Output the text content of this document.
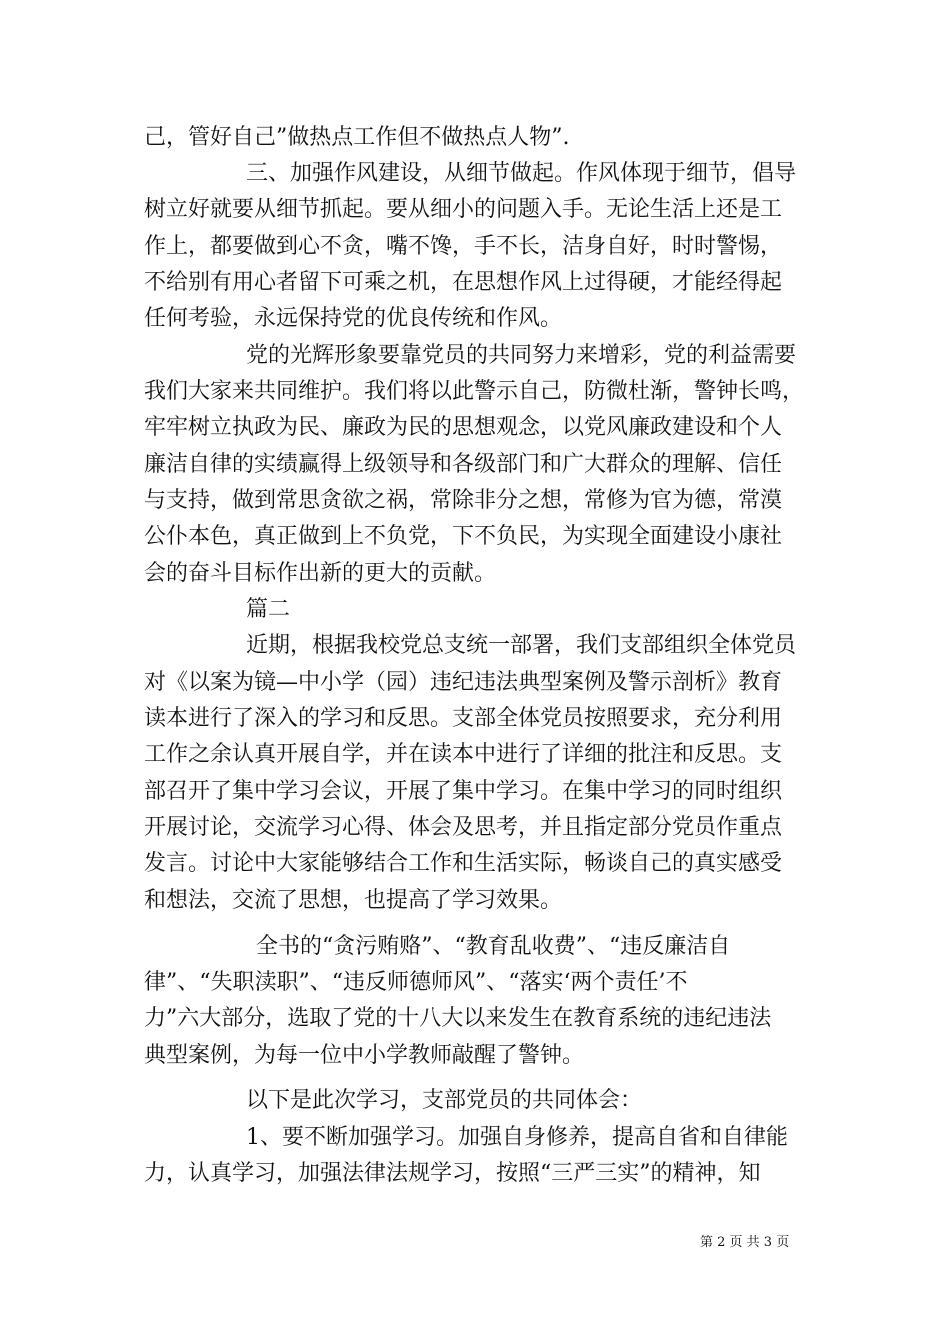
己，管好自己”做热点工作但不做热点人物”.
三、加强作风建设，从细节做起。作风体现于细节，倡导
树立好就要从细节抓起。要从细小的问题入手。无论生活上还是工
作上，都要做到心不贪，嘴不馋，手不长，洁身自好，时时警惕，
不给别有用心者留下可乘之机，在思想作风上过得硬，才能经得起
任何考验，永远保持党的优良传统和作风。
党的光辉形象要靠党员的共同努力来增彩，党的利益需要
我们大家来共同维护。我们将以此警示自己，防微杜渐，警钟长鸣，
牢牢树立执政为民、廉政为民的思想观念，以党风廉政建设和个人
廉洁自律的实绩赢得上级领导和各级部门和广大群众的理解、信任
与支持，做到常思贪欲之祸，常除非分之想，常修为官为德，常漠
公仆本色，真正做到上不负党，下不负民，为实现全面建设小康社
会的奋斗目标作出新的更大的贡献。
篇二
近期，根据我校党总支统一部署，我们支部组织全体党员
对《以案为镜—中小学（园）违纪违法典型案例及警示剖析》教育
读本进行了深入的学习和反思。支部全体党员按照要求，充分利用
工作之余认真开展自学，并在读本中进行了详细的批注和反思。支
部召开了集中学习会议，开展了集中学习。在集中学习的同时组织
开展讨论，交流学习心得、体会及思考，并且指定部分党员作重点
发言。讨论中大家能够结合工作和生活实际，畅谈自己的真实感受
和想法，交流了思想，也提高了学习效果。
全书的“贪污贿赂”、“教育乱收费”、“违反廉洁自
律”、“失职渎职”、“违反师德师风”、“落实‘两个责任’不
力”六大部分，选取了党的十八大以来发生在教育系统的违纪违法
典型案例，为每一位中小学教师敲醒了警钟。
以下是此次学习，支部党员的共同体会：
1、要不断加强学习。加强自身修养，提高自省和自律能
力，认真学习，加强法律法规学习，按照“三严三实”的精神，知
第 2 页 共 3 页
